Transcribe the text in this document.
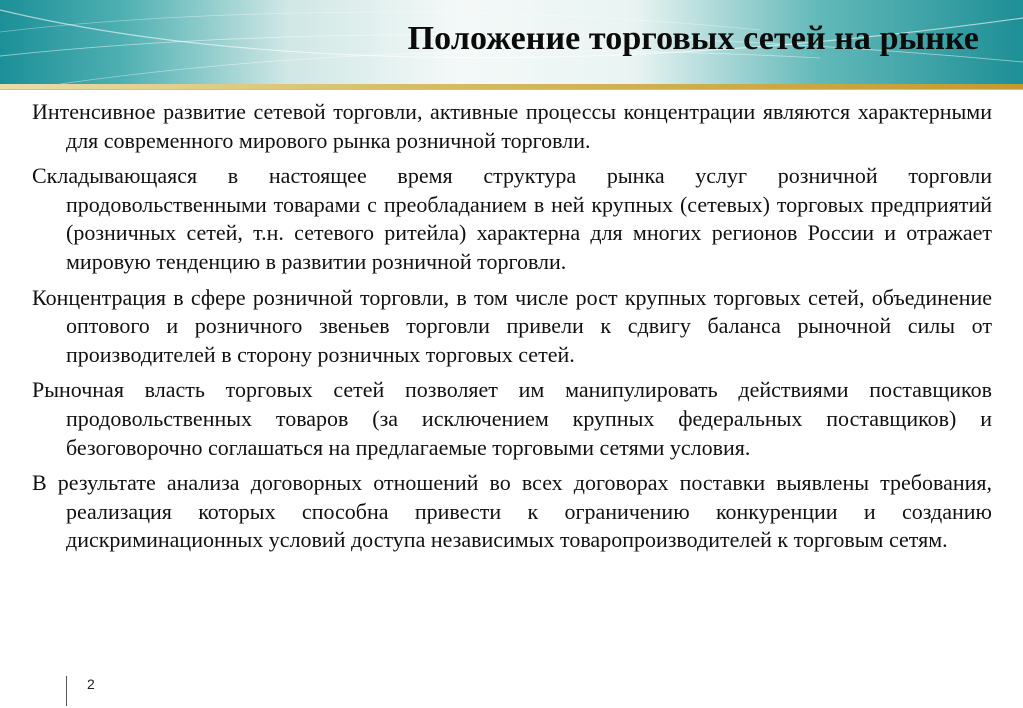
Положение торговых сетей на рынке

Интенсивное развитие сетевой торговли, активные процессы концентрации являются характерными для современного мирового рынка розничной торговли.

Складывающаяся в настоящее время структура рынка услуг розничной торговли продовольственными товарами с преобладанием в ней крупных (сетевых) торговых предприятий (розничных сетей, т.н. сетевого ритейла) характерна для многих регионов России и отражает мировую тенденцию в развитии розничной торговли.

Концентрация в сфере розничной торговли, в том числе рост крупных торговых сетей, объединение оптового и розничного звеньев торговли привели к сдвигу баланса рыночной силы от производителей в сторону розничных торговых сетей.

Рыночная власть торговых сетей позволяет им манипулировать действиями поставщиков продовольственных товаров (за исключением крупных федеральных поставщиков) и безоговорочно соглашаться на предлагаемые торговыми сетями условия.

В результате анализа договорных отношений во всех договорах поставки выявлены требования, реализация которых способна привести к ограничению конкуренции и созданию дискриминационных условий доступа независимых товаропроизводителей к торговым сетям.

2
